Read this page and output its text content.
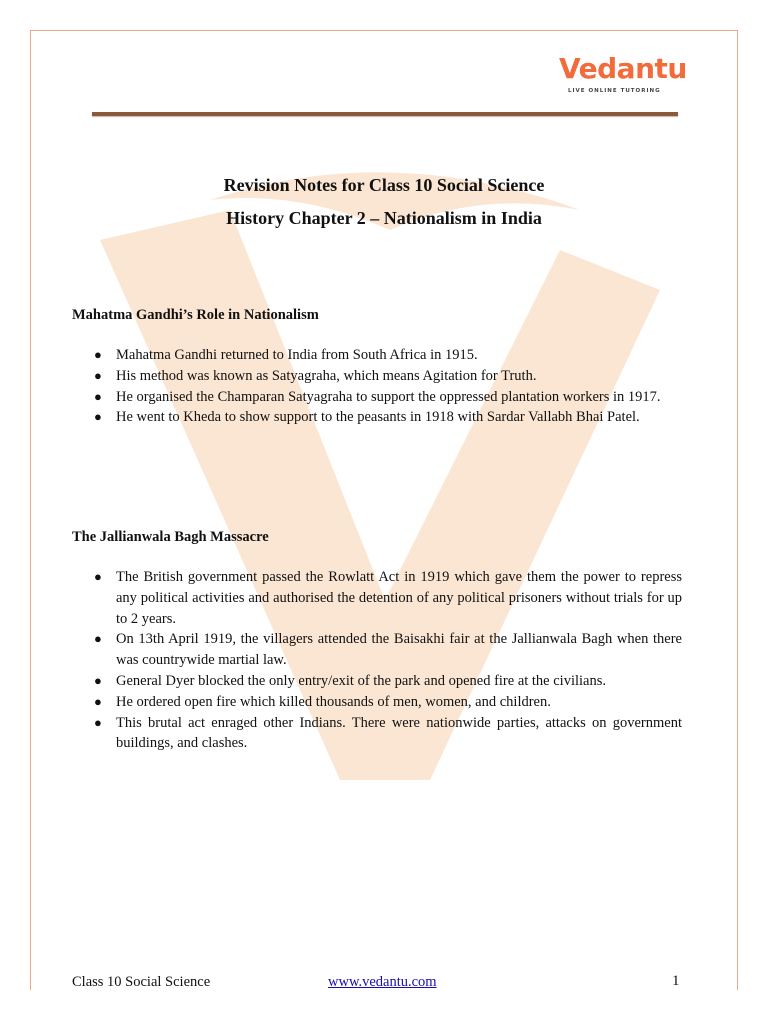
Vedantu
LIVE ONLINE TUTORING
Revision Notes for Class 10 Social Science
History Chapter 2 – Nationalism in India
Mahatma Gandhi’s Role in Nationalism
● Mahatma Gandhi returned to India from South Africa in 1915.
● His method was known as Satyagraha, which means Agitation for Truth.
● He organised the Champaran Satyagraha to support the oppressed plantation workers in 1917.
● He went to Kheda to show support to the peasants in 1918 with Sardar Vallabh Bhai Patel.
The Jallianwala Bagh Massacre
● The British government passed the Rowlatt Act in 1919 which gave them the power to repress any political activities and authorised the detention of any political prisoners without trials for up to 2 years.
● On 13th April 1919, the villagers attended the Baisakhi fair at the Jallianwala Bagh when there was countrywide martial law.
● General Dyer blocked the only entry/exit of the park and opened fire at the civilians.
● He ordered open fire which killed thousands of men, women, and children.
● This brutal act enraged other Indians. There were nationwide parties, attacks on government buildings, and clashes.
Class 10 Social Science	www.vedantu.com	1
